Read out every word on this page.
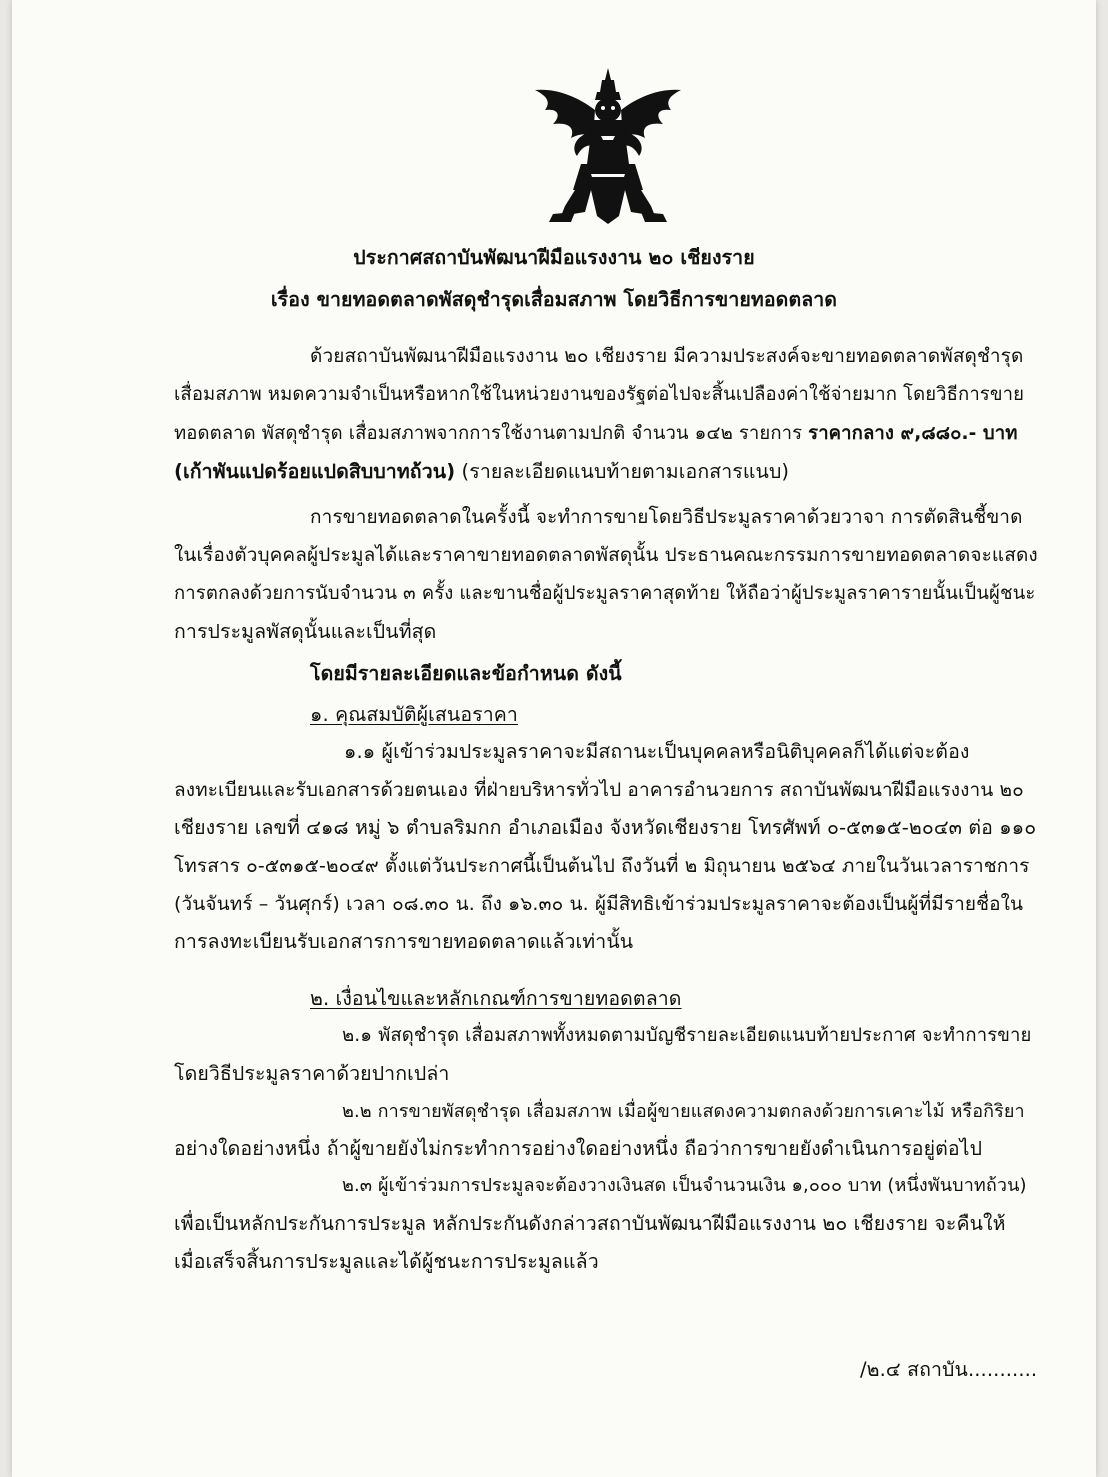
ประกาศสถาบันพัฒนาฝีมือแรงงาน ๒๐ เชียงราย
เรื่อง ขายทอดตลาดพัสดุชำรุดเสื่อมสภาพ โดยวิธีการขายทอดตลาด
ด้วยสถาบันพัฒนาฝีมือแรงงาน ๒๐ เชียงราย มีความประสงค์จะขายทอดตลาดพัสดุชำรุด
เสื่อมสภาพ หมดความจำเป็นหรือหากใช้ในหน่วยงานของรัฐต่อไปจะสิ้นเปลืองค่าใช้จ่ายมาก โดยวิธีการขาย
ทอดตลาด พัสดุชำรุด เสื่อมสภาพจากการใช้งานตามปกติ จำนวน ๑๔๒ รายการ ราคากลาง ๙,๘๘๐.- บาท
(เก้าพันแปดร้อยแปดสิบบาทถ้วน) (รายละเอียดแนบท้ายตามเอกสารแนบ)
การขายทอดตลาดในครั้งนี้ จะทำการขายโดยวิธีประมูลราคาด้วยวาจา การตัดสินชี้ขาด
ในเรื่องตัวบุคคลผู้ประมูลได้และราคาขายทอดตลาดพัสดุนั้น ประธานคณะกรรมการขายทอดตลาดจะแสดง
การตกลงด้วยการนับจำนวน ๓ ครั้ง และขานชื่อผู้ประมูลราคาสุดท้าย ให้ถือว่าผู้ประมูลราคารายนั้นเป็นผู้ชนะ
การประมูลพัสดุนั้นและเป็นที่สุด
โดยมีรายละเอียดและข้อกำหนด ดังนี้
๑. คุณสมบัติผู้เสนอราคา
๑.๑ ผู้เข้าร่วมประมูลราคาจะมีสถานะเป็นบุคคลหรือนิติบุคคลก็ได้แต่จะต้อง
ลงทะเบียนและรับเอกสารด้วยตนเอง ที่ฝ่ายบริหารทั่วไป อาคารอำนวยการ สถาบันพัฒนาฝีมือแรงงาน ๒๐
เชียงราย เลขที่ ๔๑๘ หมู่ ๖ ตำบลริมกก อำเภอเมือง จังหวัดเชียงราย โทรศัพท์ ๐-๕๓๑๕-๒๐๔๓ ต่อ ๑๑๐
โทรสาร ๐-๕๓๑๕-๒๐๔๙ ตั้งแต่วันประกาศนี้เป็นต้นไป ถึงวันที่ ๒ มิถุนายน ๒๕๖๔ ภายในวันเวลาราชการ
(วันจันทร์ – วันศุกร์) เวลา ๐๘.๓๐ น. ถึง ๑๖.๓๐ น. ผู้มีสิทธิเข้าร่วมประมูลราคาจะต้องเป็นผู้ที่มีรายชื่อใน
การลงทะเบียนรับเอกสารการขายทอดตลาดแล้วเท่านั้น
๒. เงื่อนไขและหลักเกณฑ์การขายทอดตลาด
๒.๑ พัสดุชำรุด เสื่อมสภาพทั้งหมดตามบัญชีรายละเอียดแนบท้ายประกาศ จะทำการขาย
โดยวิธีประมูลราคาด้วยปากเปล่า
๒.๒ การขายพัสดุชำรุด เสื่อมสภาพ เมื่อผู้ขายแสดงความตกลงด้วยการเคาะไม้ หรือกิริยา
อย่างใดอย่างหนึ่ง ถ้าผู้ขายยังไม่กระทำการอย่างใดอย่างหนึ่ง ถือว่าการขายยังดำเนินการอยู่ต่อไป
๒.๓ ผู้เข้าร่วมการประมูลจะต้องวางเงินสด เป็นจำนวนเงิน ๑,๐๐๐ บาท (หนึ่งพันบาทถ้วน)
เพื่อเป็นหลักประกันการประมูล หลักประกันดังกล่าวสถาบันพัฒนาฝีมือแรงงาน ๒๐ เชียงราย จะคืนให้
เมื่อเสร็จสิ้นการประมูลและได้ผู้ชนะการประมูลแล้ว
/๒.๔ สถาบัน...........
